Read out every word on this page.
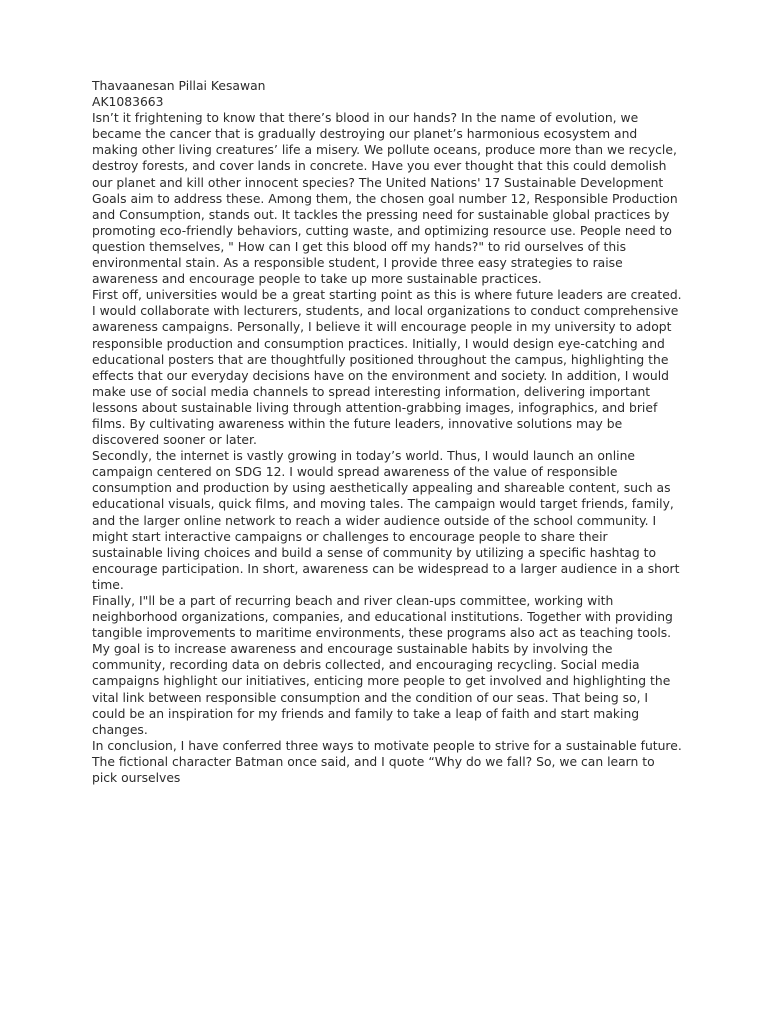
Thavaanesan Pillai Kesawan

AK1083663

Isn’t it frightening to know that there’s blood in our hands? In the name of evolution, we became the cancer that is gradually destroying our planet’s harmonious ecosystem and making other living creatures’ life a misery. We pollute oceans, produce more than we recycle, destroy forests, and cover lands in concrete. Have you ever thought that this could demolish our planet and kill other innocent species? The United Nations' 17 Sustainable Development Goals aim to address these. Among them, the chosen goal number 12, Responsible Production and Consumption, stands out. It tackles the pressing need for sustainable global practices by promoting eco-friendly behaviors, cutting waste, and optimizing resource use. People need to question themselves, " How can I get this blood off my hands?" to rid ourselves of this environmental stain. As a responsible student, I provide three easy strategies to raise awareness and encourage people to take up more sustainable practices.

First off, universities would be a great starting point as this is where future leaders are created. I would collaborate with lecturers, students, and local organizations to conduct comprehensive awareness campaigns. Personally, I believe it will encourage people in my university to adopt responsible production and consumption practices. Initially, I would design eye-catching and educational posters that are thoughtfully positioned throughout the campus, highlighting the effects that our everyday decisions have on the environment and society. In addition, I would make use of social media channels to spread interesting information, delivering important lessons about sustainable living through attention-grabbing images, infographics, and brief films. By cultivating awareness within the future leaders, innovative solutions may be discovered sooner or later.

Secondly, the internet is vastly growing in today’s world. Thus, I would launch an online campaign centered on SDG 12. I would spread awareness of the value of responsible consumption and production by using aesthetically appealing and shareable content, such as educational visuals, quick films, and moving tales. The campaign would target friends, family, and the larger online network to reach a wider audience outside of the school community. I might start interactive campaigns or challenges to encourage people to share their sustainable living choices and build a sense of community by utilizing a specific hashtag to encourage participation. In short, awareness can be widespread to a larger audience in a short time.

Finally, I"ll be a part of recurring beach and river clean-ups committee, working with neighborhood organizations, companies, and educational institutions. Together with providing tangible improvements to maritime environments, these programs also act as teaching tools. My goal is to increase awareness and encourage sustainable habits by involving the community, recording data on debris collected, and encouraging recycling. Social media campaigns highlight our initiatives, enticing more people to get involved and highlighting the vital link between responsible consumption and the condition of our seas. That being so, I could be an inspiration for my friends and family to take a leap of faith and start making changes.

In conclusion, I have conferred three ways to motivate people to strive for a sustainable future. The fictional character Batman once said, and I quote “Why do we fall? So, we can learn to pick ourselves
